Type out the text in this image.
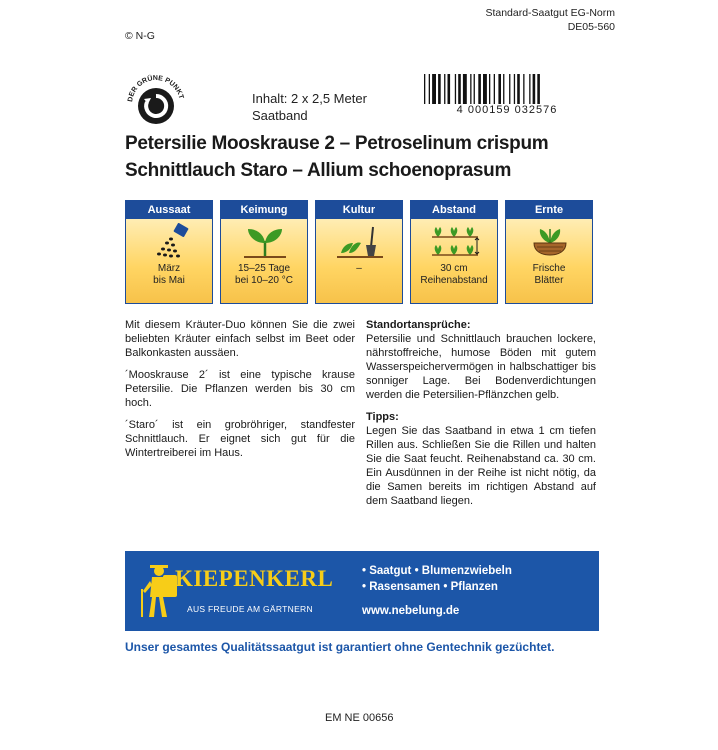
Standard-Saatgut EG-Norm
DE05-560
© N-G
DER GRÜNE PUNKT	Inhalt: 2 x 2,5 Meter
Saatband	4 000159 032576
Petersilie Mooskrause 2 – Petroselinum crispum
Schnittlauch Staro – Allium schoenoprasum
Aussaat
März
bis Mai
Keimung
15–25 Tage
bei 10–20 °C
Kultur
–
Abstand
30 cm
Reihenabstand
Ernte
Frische
Blätter

Mit diesem Kräuter-Duo können Sie die zwei beliebten Kräuter einfach selbst im Beet oder Balkonkasten aussäen.

´Mooskrause 2´ ist eine typische krause Petersilie. Die Pflanzen werden bis 30 cm hoch.

´Staro´ ist ein grobröhriger, standfester Schnittlauch. Er eignet sich gut für die Wintertreiberei im Haus.

Standortansprüche:

Petersilie und Schnittlauch brauchen lockere, nährstoffreiche, humose Böden mit gutem Wasserspeichervermögen in halbschattiger bis sonniger Lage. Bei Bodenverdichtungen werden die Petersilien-Pflänzchen gelb.

Tipps:

Legen Sie das Saatband in etwa 1 cm tiefen Rillen aus. Schließen Sie die Rillen und halten Sie die Saat feucht. Reihenabstand ca. 30 cm. Ein Ausdünnen in der Reihe ist nicht nötig, da die Samen bereits im richtigen Abstand auf dem Saatband liegen.

KIEPENKERL
AUS FREUDE AM GÄRTNERN
• Saatgut • Blumenzwiebeln
• Rasensamen • Pflanzen
www.nebelung.de
Unser gesamtes Qualitätssaatgut ist garantiert ohne Gentechnik gezüchtet.
EM NE 00656
